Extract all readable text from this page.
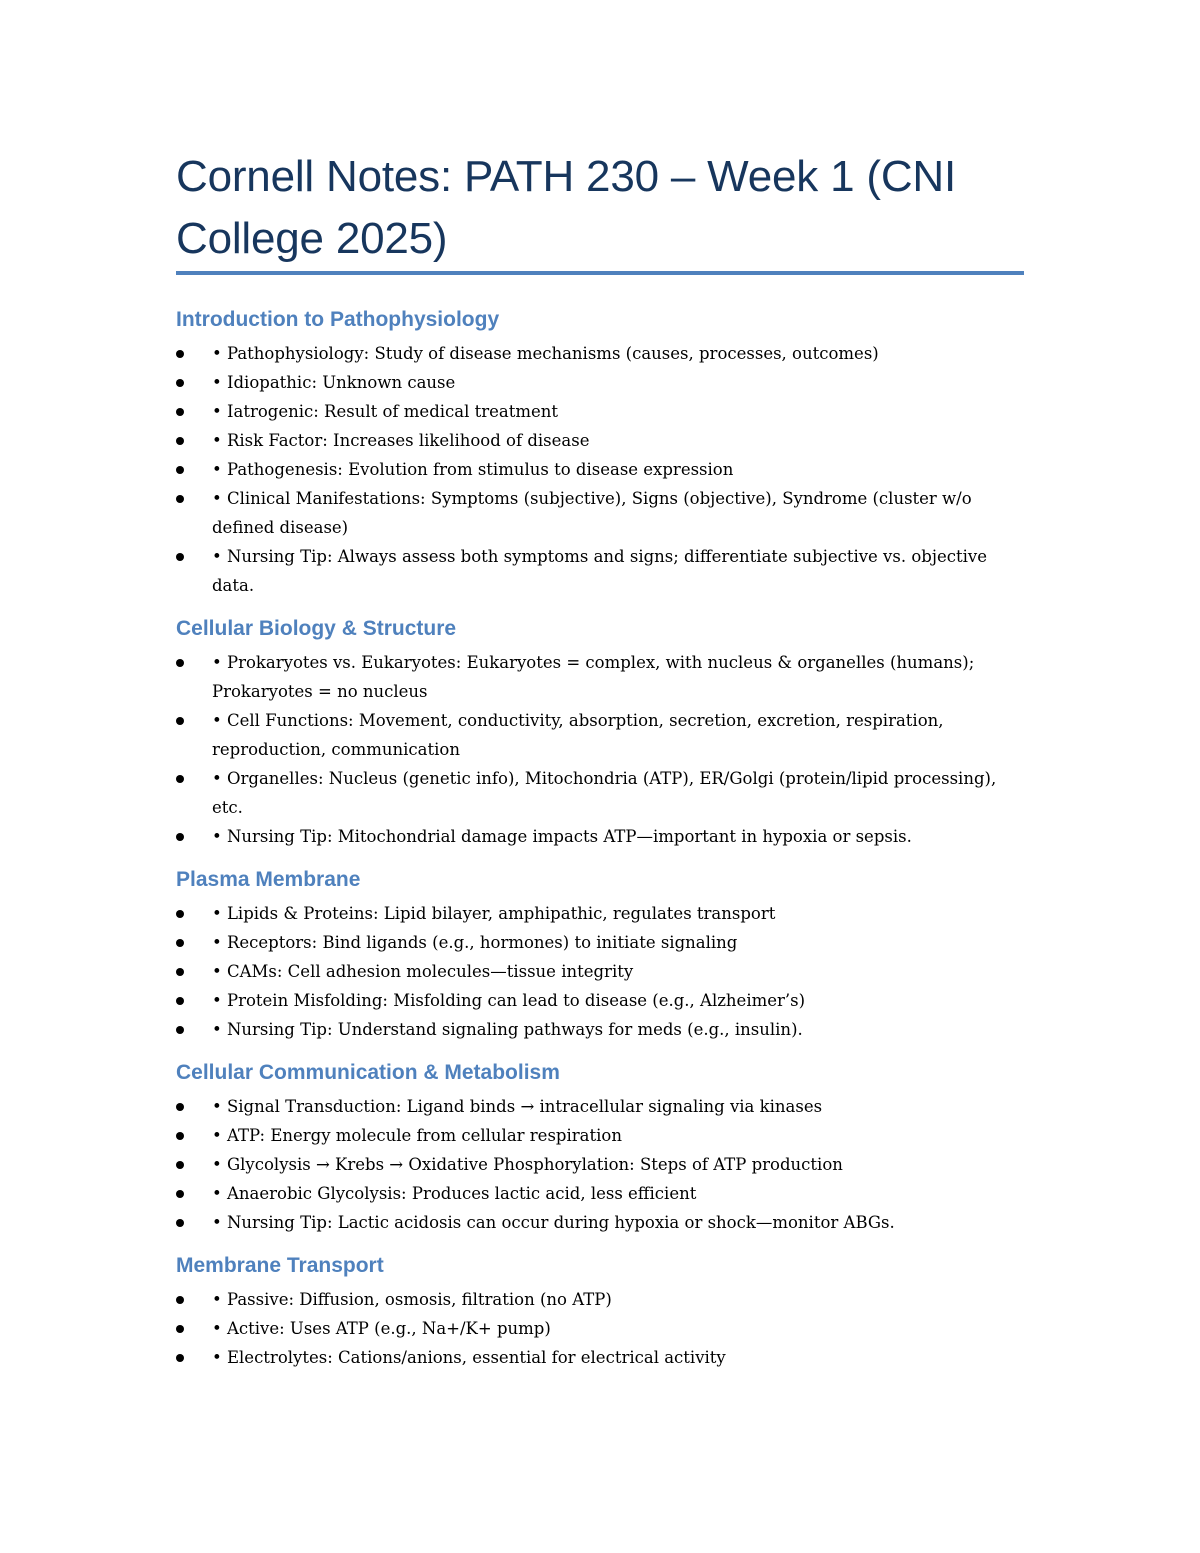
Cornell Notes: PATH 230 – Week 1 (CNI College 2025)
Introduction to Pathophysiology
• Pathophysiology: Study of disease mechanisms (causes, processes, outcomes)
• Idiopathic: Unknown cause
• Iatrogenic: Result of medical treatment
• Risk Factor: Increases likelihood of disease
• Pathogenesis: Evolution from stimulus to disease expression
• Clinical Manifestations: Symptoms (subjective), Signs (objective), Syndrome (cluster w/o defined disease)
• Nursing Tip: Always assess both symptoms and signs; differentiate subjective vs. objective data.
Cellular Biology & Structure
• Prokaryotes vs. Eukaryotes: Eukaryotes = complex, with nucleus & organelles (humans); Prokaryotes = no nucleus
• Cell Functions: Movement, conductivity, absorption, secretion, excretion, respiration, reproduction, communication
• Organelles: Nucleus (genetic info), Mitochondria (ATP), ER/Golgi (protein/lipid processing), etc.
• Nursing Tip: Mitochondrial damage impacts ATP—important in hypoxia or sepsis.
Plasma Membrane
• Lipids & Proteins: Lipid bilayer, amphipathic, regulates transport
• Receptors: Bind ligands (e.g., hormones) to initiate signaling
• CAMs: Cell adhesion molecules—tissue integrity
• Protein Misfolding: Misfolding can lead to disease (e.g., Alzheimer’s)
• Nursing Tip: Understand signaling pathways for meds (e.g., insulin).
Cellular Communication & Metabolism
• Signal Transduction: Ligand binds → intracellular signaling via kinases
• ATP: Energy molecule from cellular respiration
• Glycolysis → Krebs → Oxidative Phosphorylation: Steps of ATP production
• Anaerobic Glycolysis: Produces lactic acid, less efficient
• Nursing Tip: Lactic acidosis can occur during hypoxia or shock—monitor ABGs.
Membrane Transport
• Passive: Diffusion, osmosis, filtration (no ATP)
• Active: Uses ATP (e.g., Na+/K+ pump)
• Electrolytes: Cations/anions, essential for electrical activity
